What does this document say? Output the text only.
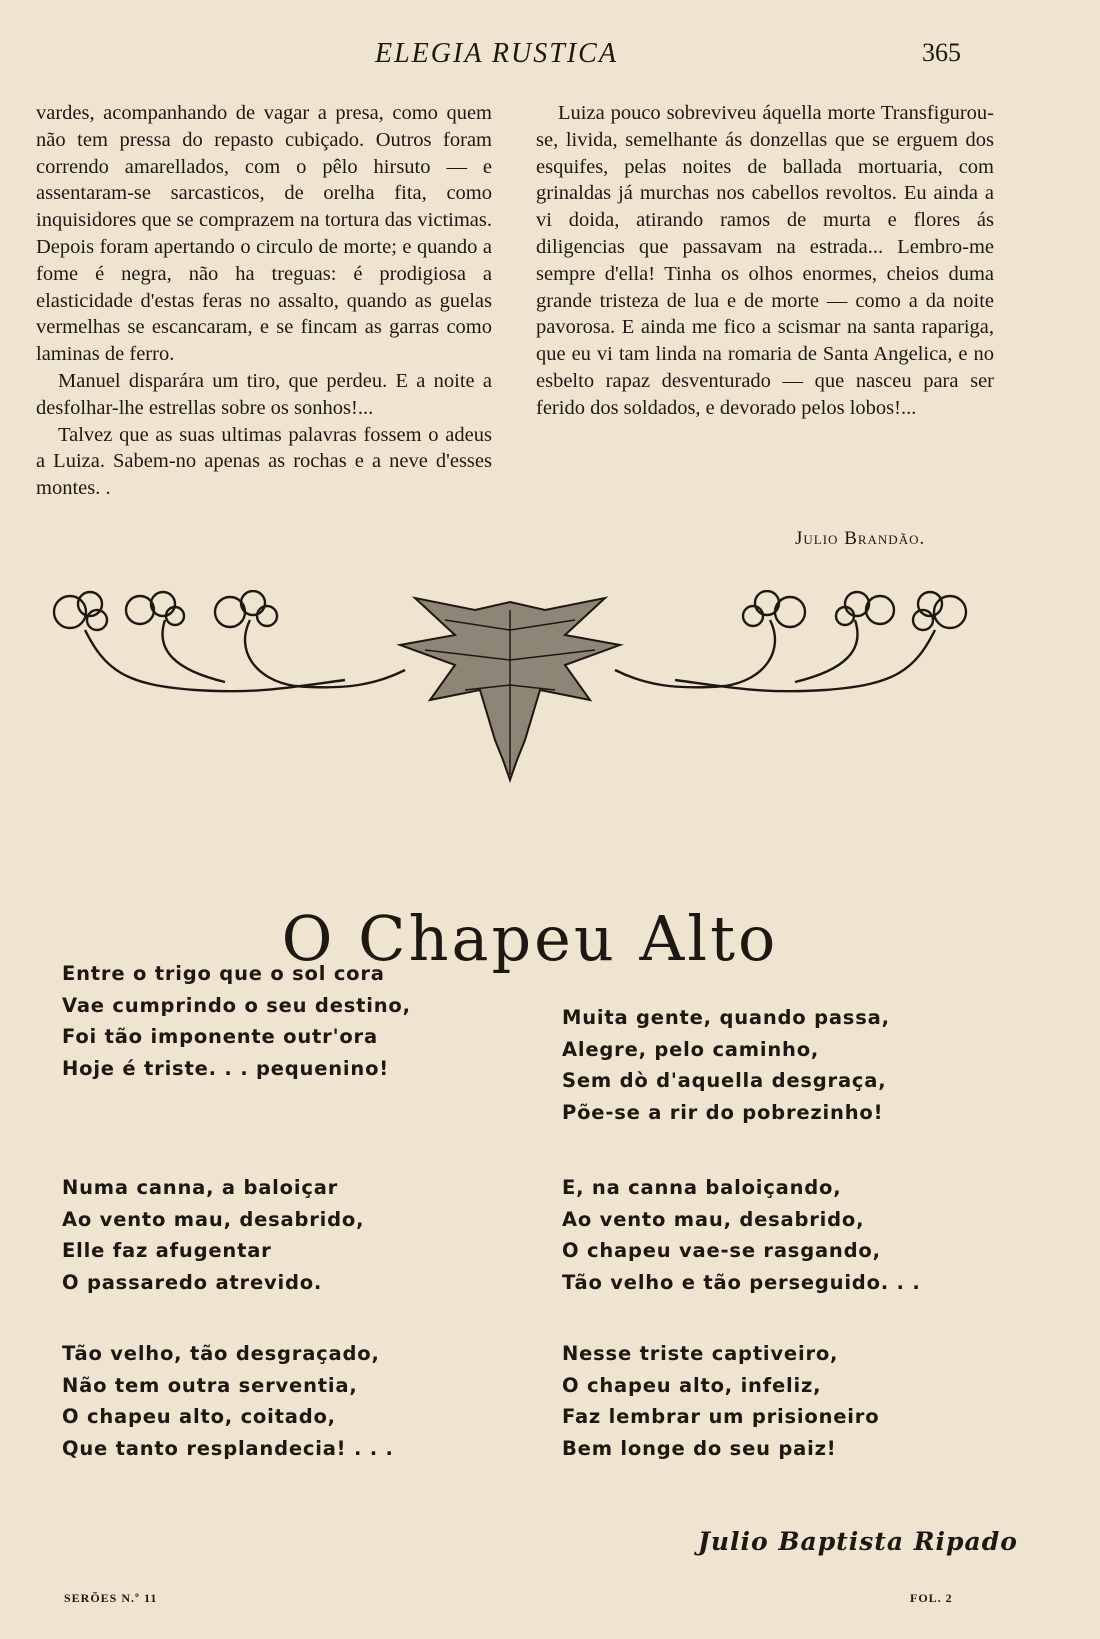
ELEGIA RUSTICA	365

vardes, acompanhando de vagar a presa, como quem não tem pressa do repasto cubiçado. Outros foram correndo amarellados, com o pêlo hirsuto — e assentaram-se sarcasticos, de orelha fita, como inquisidores que se comprazem na tortura das victimas. Depois foram apertando o circulo de morte; e quando a fome é negra, não ha treguas: é prodigiosa a elasticidade d'estas feras no assalto, quando as guelas vermelhas se escancaram, e se fincam as garras como laminas de ferro.

Manuel disparára um tiro, que perdeu. E a noite a desfolhar-lhe estrellas sobre os sonhos!...

Talvez que as suas ultimas palavras fossem o adeus a Luiza. Sabem-no apenas as rochas e a neve d'esses montes. .

Luiza pouco sobreviveu áquella morte Transfigurou-se, livida, semelhante ás donzellas que se erguem dos esquifes, pelas noites de ballada mortuaria, com grinaldas já murchas nos cabellos revoltos. Eu ainda a vi doida, atirando ramos de murta e flores ás diligencias que passavam na estrada... Lembro-me sempre d'ella! Tinha os olhos enormes, cheios duma grande tristeza de lua e de morte — como a da noite pavorosa. E ainda me fico a scismar na santa rapariga, que eu vi tam linda na romaria de Santa Angelica, e no esbelto rapaz desventurado — que nasceu para ser ferido dos soldados, e devorado pelos lobos!...

Julio Brandão.
O Chapeu Alto
Entre o trigo que o sol cora
Vae cumprindo o seu destino,
Foi tão imponente outr'ora
Hoje é triste. . . pequenino!
Numa canna, a baloiçar
Ao vento mau, desabrido,
Elle faz afugentar
O passaredo atrevido.
Tão velho, tão desgraçado,
Não tem outra serventia,
O chapeu alto, coitado,
Que tanto resplandecia! . . .
Muita gente, quando passa,
Alegre, pelo caminho,
Sem dò d'aquella desgraça,
Põe-se a rir do pobrezinho!
E, na canna baloiçando,
Ao vento mau, desabrido,
O chapeu vae-se rasgando,
Tão velho e tão perseguido. . .
Nesse triste captiveiro,
O chapeu alto, infeliz,
Faz lembrar um prisioneiro
Bem longe do seu paiz!
Julio Baptista Ripado
SERÕES N.º 11	FOL. 2
